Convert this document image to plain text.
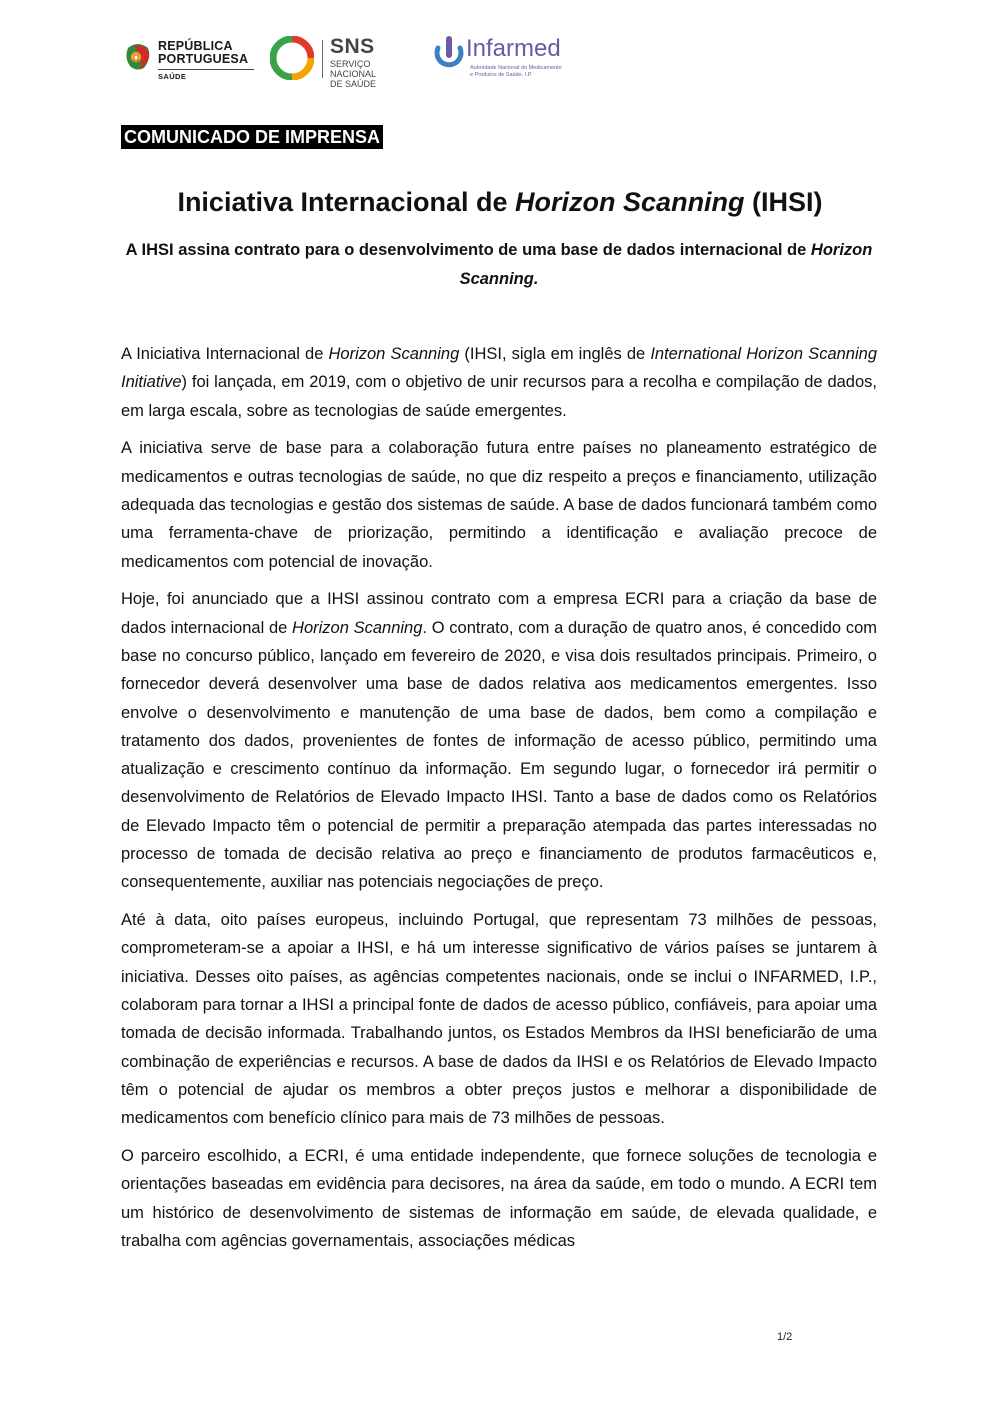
REPÚBLICA
PORTUGUESA
SAÚDE
SNS
SERVIÇO NACIONAL
DE SAÚDE
Infarmed
Autoridade Nacional do Medicamento
e Produtos de Saúde, I.P.
COMUNICADO DE IMPRENSA
Iniciativa Internacional de Horizon Scanning (IHSI)
A IHSI assina contrato para o desenvolvimento de uma base de dados internacional de Horizon Scanning.

A Iniciativa Internacional de Horizon Scanning (IHSI, sigla em inglês de International Horizon Scanning Initiative) foi lançada, em 2019, com o objetivo de unir recursos para a recolha e compilação de dados, em larga escala, sobre as tecnologias de saúde emergentes.

A iniciativa serve de base para a colaboração futura entre países no planeamento estratégico de medicamentos e outras tecnologias de saúde, no que diz respeito a preços e financiamento, utilização adequada das tecnologias e gestão dos sistemas de saúde. A base de dados funcionará também como uma ferramenta-chave de priorização, permitindo a identificação e avaliação precoce de medicamentos com potencial de inovação.

Hoje, foi anunciado que a IHSI assinou contrato com a empresa ECRI para a criação da base de dados internacional de Horizon Scanning. O contrato, com a duração de quatro anos, é concedido com base no concurso público, lançado em fevereiro de 2020, e visa dois resultados principais. Primeiro, o fornecedor deverá desenvolver uma base de dados relativa aos medicamentos emergentes. Isso envolve o desenvolvimento e manutenção de uma base de dados, bem como a compilação e tratamento dos dados, provenientes de fontes de informação de acesso público, permitindo uma atualização e crescimento contínuo da informação. Em segundo lugar, o fornecedor irá permitir o desenvolvimento de Relatórios de Elevado Impacto IHSI. Tanto a base de dados como os Relatórios de Elevado Impacto têm o potencial de permitir a preparação atempada das partes interessadas no processo de tomada de decisão relativa ao preço e financiamento de produtos farmacêuticos e, consequentemente, auxiliar nas potenciais negociações de preço.

Até à data, oito países europeus, incluindo Portugal, que representam 73 milhões de pessoas, comprometeram-se a apoiar a IHSI, e há um interesse significativo de vários países se juntarem à iniciativa. Desses oito países, as agências competentes nacionais, onde se inclui o INFARMED, I.P., colaboram para tornar a IHSI a principal fonte de dados de acesso público, confiáveis, para apoiar uma tomada de decisão informada. Trabalhando juntos, os Estados Membros da IHSI beneficiarão de uma combinação de experiências e recursos. A base de dados da IHSI e os Relatórios de Elevado Impacto têm o potencial de ajudar os membros a obter preços justos e melhorar a disponibilidade de medicamentos com benefício clínico para mais de 73 milhões de pessoas.

O parceiro escolhido, a ECRI, é uma entidade independente, que fornece soluções de tecnologia e orientações baseadas em evidência para decisores, na área da saúde, em todo o mundo. A ECRI tem um histórico de desenvolvimento de sistemas de informação em saúde, de elevada qualidade, e trabalha com agências governamentais, associações médicas

1/2
